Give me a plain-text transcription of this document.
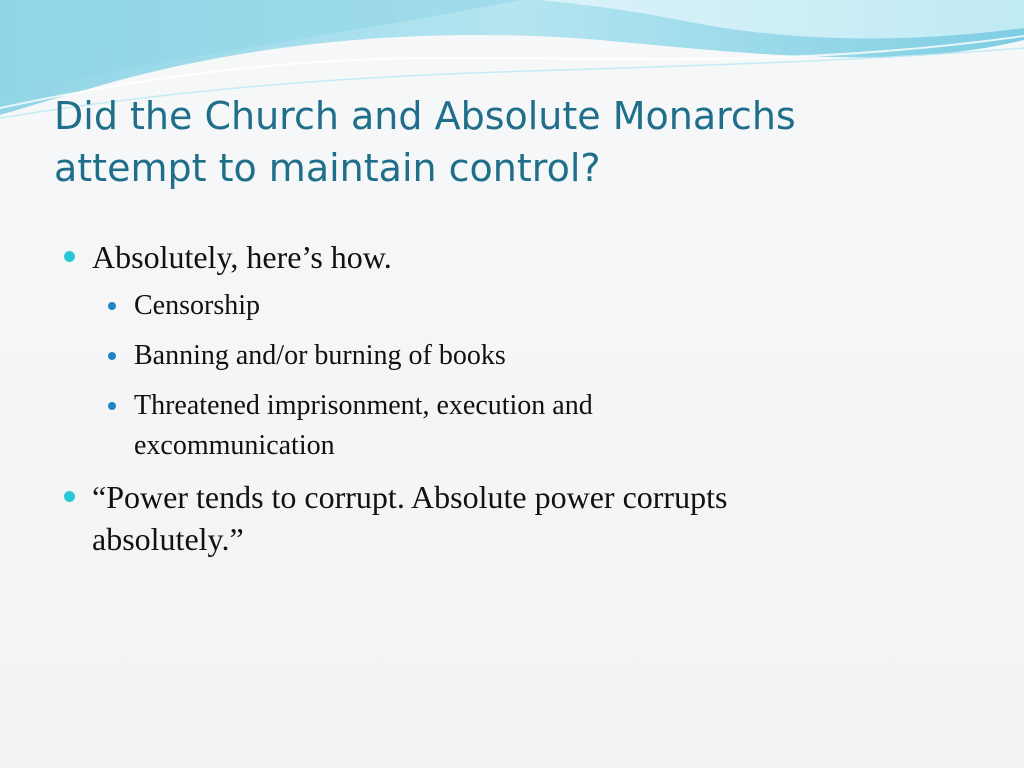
Did the Church and Absolute Monarchs
attempt to maintain control?
Absolutely, here’s how.
Censorship
Banning and/or burning of books
Threatened imprisonment, execution and
excommunication
“Power tends to corrupt. Absolute power corrupts
absolutely.”
